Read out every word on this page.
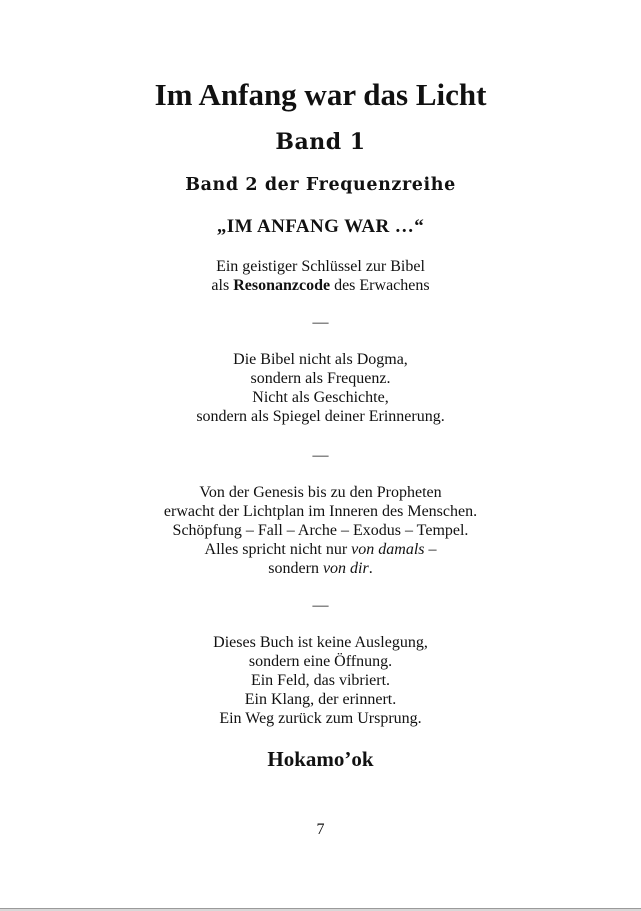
Im Anfang war das Licht
Band 1
Band 2 der Frequenzreihe
„IM ANFANG WAR …“
Ein geistiger Schlüssel zur Bibel
als Resonanzcode des Erwachens
—
Die Bibel nicht als Dogma,
sondern als Frequenz.
Nicht als Geschichte,
sondern als Spiegel deiner Erinnerung.
—
Von der Genesis bis zu den Propheten
erwacht der Lichtplan im Inneren des Menschen.
Schöpfung – Fall – Arche – Exodus – Tempel.
Alles spricht nicht nur von damals –
sondern von dir.
—
Dieses Buch ist keine Auslegung,
sondern eine Öffnung.
Ein Feld, das vibriert.
Ein Klang, der erinnert.
Ein Weg zurück zum Ursprung.
Hokamo’ok
7
